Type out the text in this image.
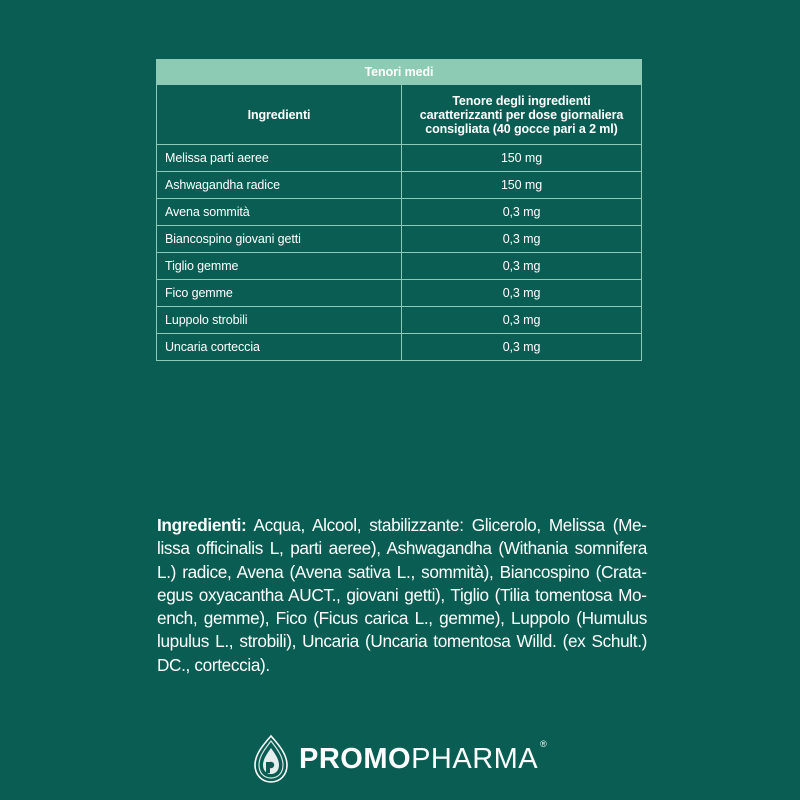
Tenori medi	
Ingredienti	Tenore degli ingredienti caratterizzanti per dose giornaliera consigliata (40 gocce pari a 2 ml)
Melissa parti aeree	150 mg
Ashwagandha radice	150 mg
Avena sommità	0,3 mg
Biancospino giovani getti	0,3 mg
Tiglio gemme	0,3 mg
Fico gemme	0,3 mg
Luppolo strobili	0,3 mg
Uncaria corteccia	0,3 mg
Ingredienti: Acqua, Alcool, stabilizzante: Glicerolo, Melissa (Melissa officinalis L, parti aeree), Ashwagandha (Withania somnifera L.) radice, Avena (Avena sativa L., sommità), Biancospino (Crataegus oxyacantha AUCT., giovani getti), Tiglio (Tilia tomentosa Moench, gemme), Fico (Ficus carica L., gemme), Luppolo (Humulus lupulus L., strobili), Uncaria (Uncaria tomentosa Willd. (ex Schult.) DC., corteccia).
PROMOPHARMA ®
